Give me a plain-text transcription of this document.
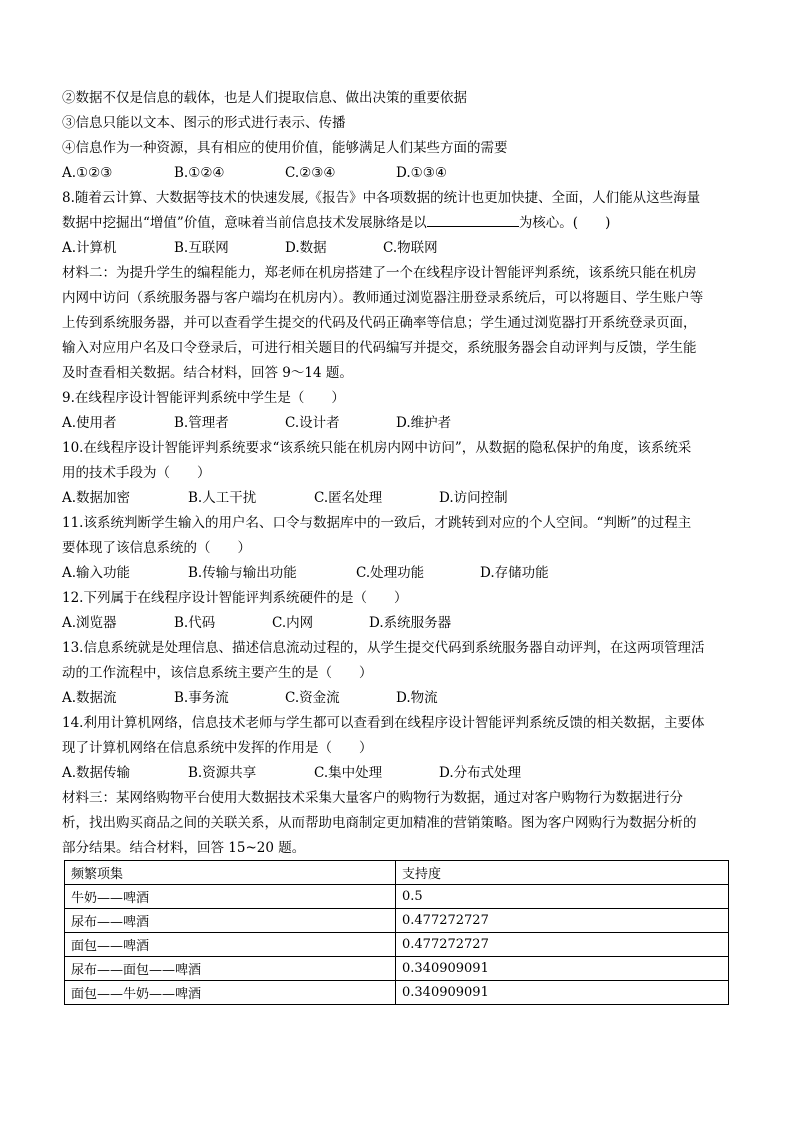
②数据不仅是信息的载体，也是人们提取信息、做出决策的重要依据
③信息只能以文本、图示的形式进行表示、传播
④信息作为一种资源，具有相应的使用价值，能够满足人们某些方面的需要
A.①②③	B.①②④	C.②③④	D.①③④
8.随着云计算、大数据等技术的快速发展,《报告》中各项数据的统计也更加快捷、全面，人们能从这些海量
数据中挖掘出“增值”价值，意味着当前信息技术发展脉络是以	为核心。(　　)
A.计算机	B.互联网	D.数据	C.物联网
材料二：为提升学生的编程能力，郑老师在机房搭建了一个在线程序设计智能评判系统，该系统只能在机房
内网中访问（系统服务器与客户端均在机房内）。教师通过浏览器注册登录系统后，可以将题目、学生账户等
上传到系统服务器，并可以查看学生提交的代码及代码正确率等信息；学生通过浏览器打开系统登录页面，
输入对应用户名及口令登录后，可进行相关题目的代码编写并提交，系统服务器会自动评判与反馈，学生能
及时查看相关数据。结合材料，回答 9～14 题。
9.在线程序设计智能评判系统中学生是（　　）
A.使用者	B.管理者	C.设计者	D.维护者
10.在线程序设计智能评判系统要求“该系统只能在机房内网中访问”，从数据的隐私保护的角度，该系统采
用的技术手段为（　　）
A.数据加密	B.人工干扰	C.匿名处理	D.访问控制
11.该系统判断学生输入的用户名、口令与数据库中的一致后，才跳转到对应的个人空间。“判断”的过程主
要体现了该信息系统的（　　）
A.输入功能	B.传输与输出功能	C.处理功能	D.存储功能
12.下列属于在线程序设计智能评判系统硬件的是（　　）
A.浏览器	B.代码	C.内网	D.系统服务器
13.信息系统就是处理信息、描述信息流动过程的，从学生提交代码到系统服务器自动评判，在这两项管理活
动的工作流程中，该信息系统主要产生的是（　　）
A.数据流	B.事务流	C.资金流	D.物流
14.利用计算机网络，信息技术老师与学生都可以查看到在线程序设计智能评判系统反馈的相关数据，主要体
现了计算机网络在信息系统中发挥的作用是（　　）
A.数据传输	B.资源共享	C.集中处理	D.分布式处理
材料三：某网络购物平台使用大数据技术采集大量客户的购物行为数据，通过对客户购物行为数据进行分
析，找出购买商品之间的关联关系，从而帮助电商制定更加精准的营销策略。图为客户网购行为数据分析的
部分结果。结合材料，回答 15~20 题。
频繁项集	支持度
牛奶——啤酒	0.5
尿布——啤酒	0.477272727
面包——啤酒	0.477272727
尿布——面包——啤酒	0.340909091
面包——牛奶——啤酒	0.340909091
